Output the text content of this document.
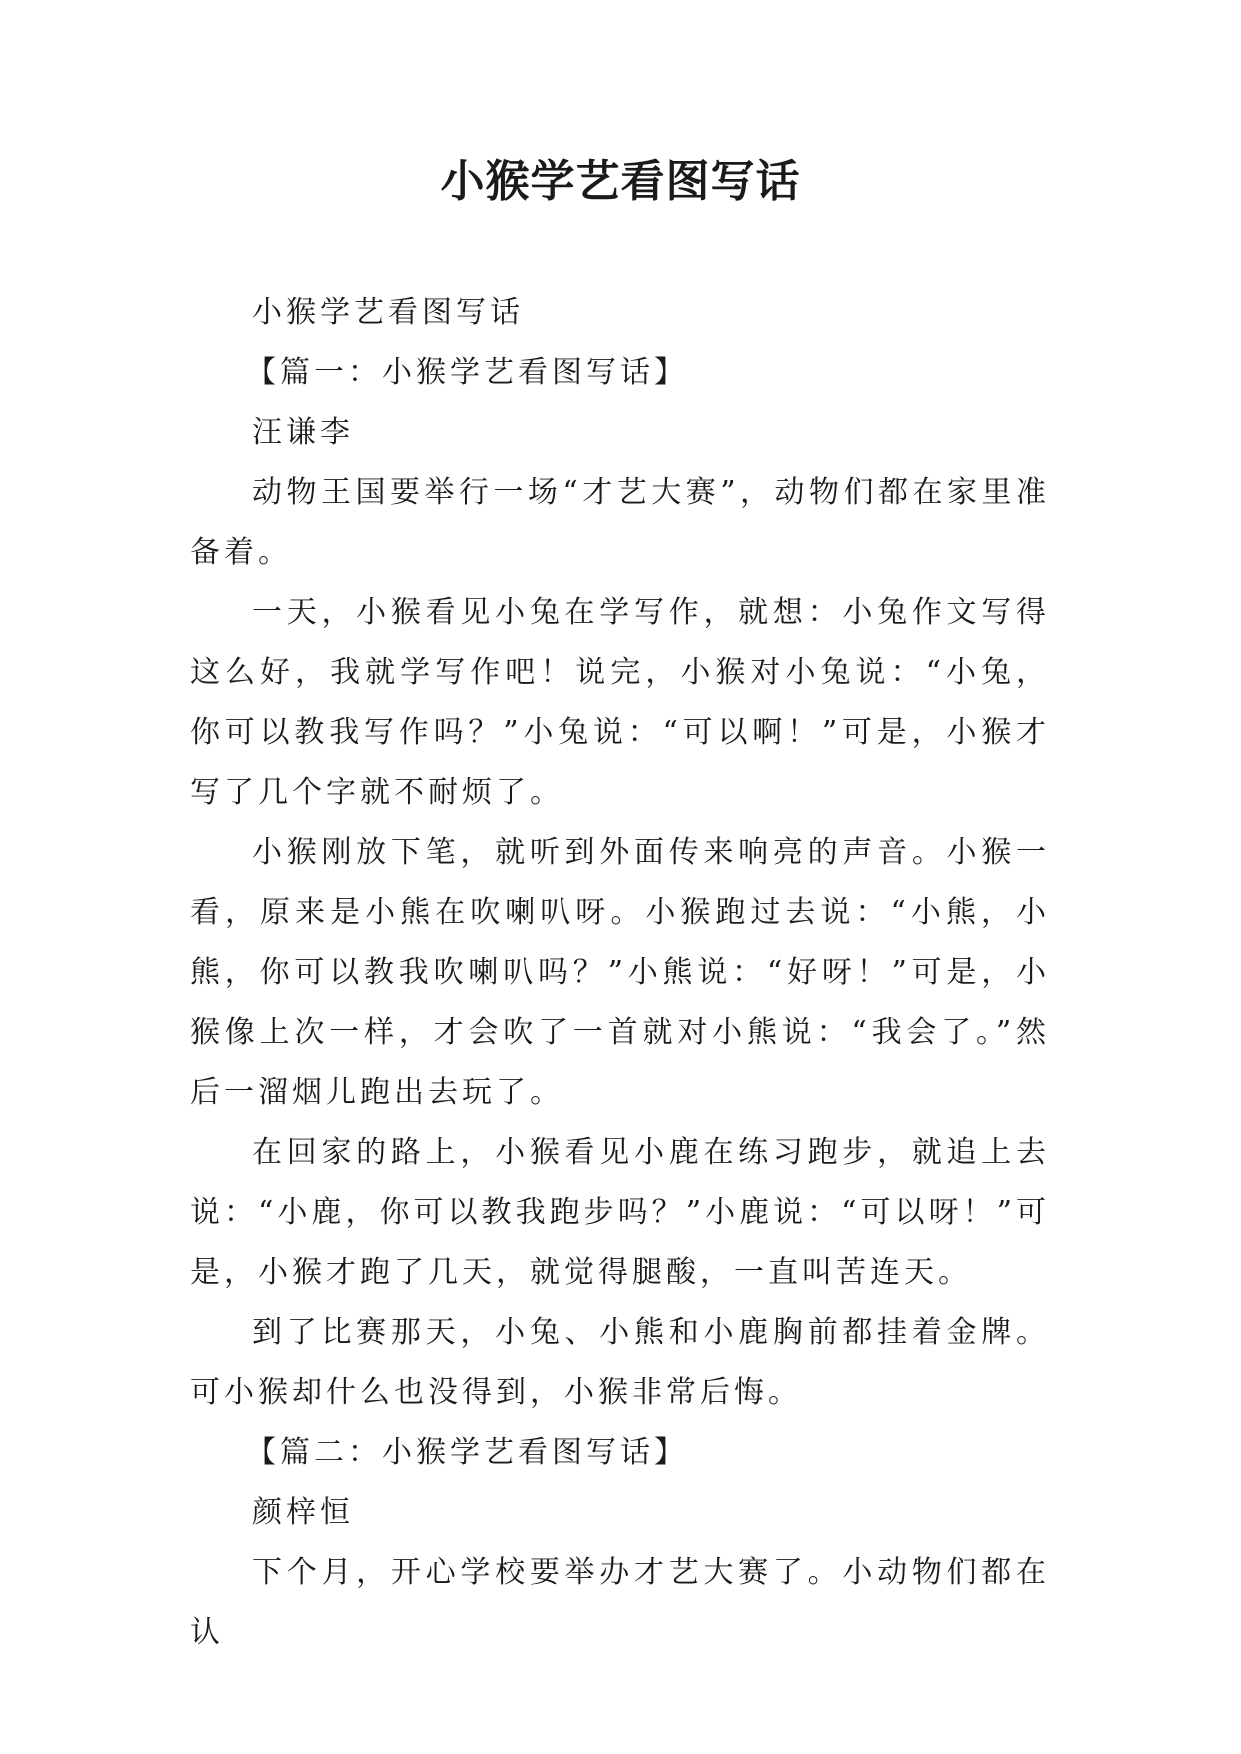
小猴学艺看图写话

小猴学艺看图写话

【篇一：小猴学艺看图写话】

汪谦李

动物王国要举行一场“才艺大赛”，动物们都在家里准备着。

一天，小猴看见小兔在学写作，就想：小兔作文写得这么好，我就学写作吧！说完，小猴对小兔说：“小兔，你可以教我写作吗？”小兔说：“可以啊！”可是，小猴才写了几个字就不耐烦了。

小猴刚放下笔，就听到外面传来响亮的声音。小猴一看，原来是小熊在吹喇叭呀。小猴跑过去说：“小熊，小熊，你可以教我吹喇叭吗？”小熊说：“好呀！”可是，小猴像上次一样，才会吹了一首就对小熊说：“我会了。”然后一溜烟儿跑出去玩了。

在回家的路上，小猴看见小鹿在练习跑步，就追上去说：“小鹿，你可以教我跑步吗？”小鹿说：“可以呀！”可是，小猴才跑了几天，就觉得腿酸，一直叫苦连天。

到了比赛那天，小兔、小熊和小鹿胸前都挂着金牌。可小猴却什么也没得到，小猴非常后悔。

【篇二：小猴学艺看图写话】

颜梓恒

下个月，开心学校要举办才艺大赛了。小动物们都在认
